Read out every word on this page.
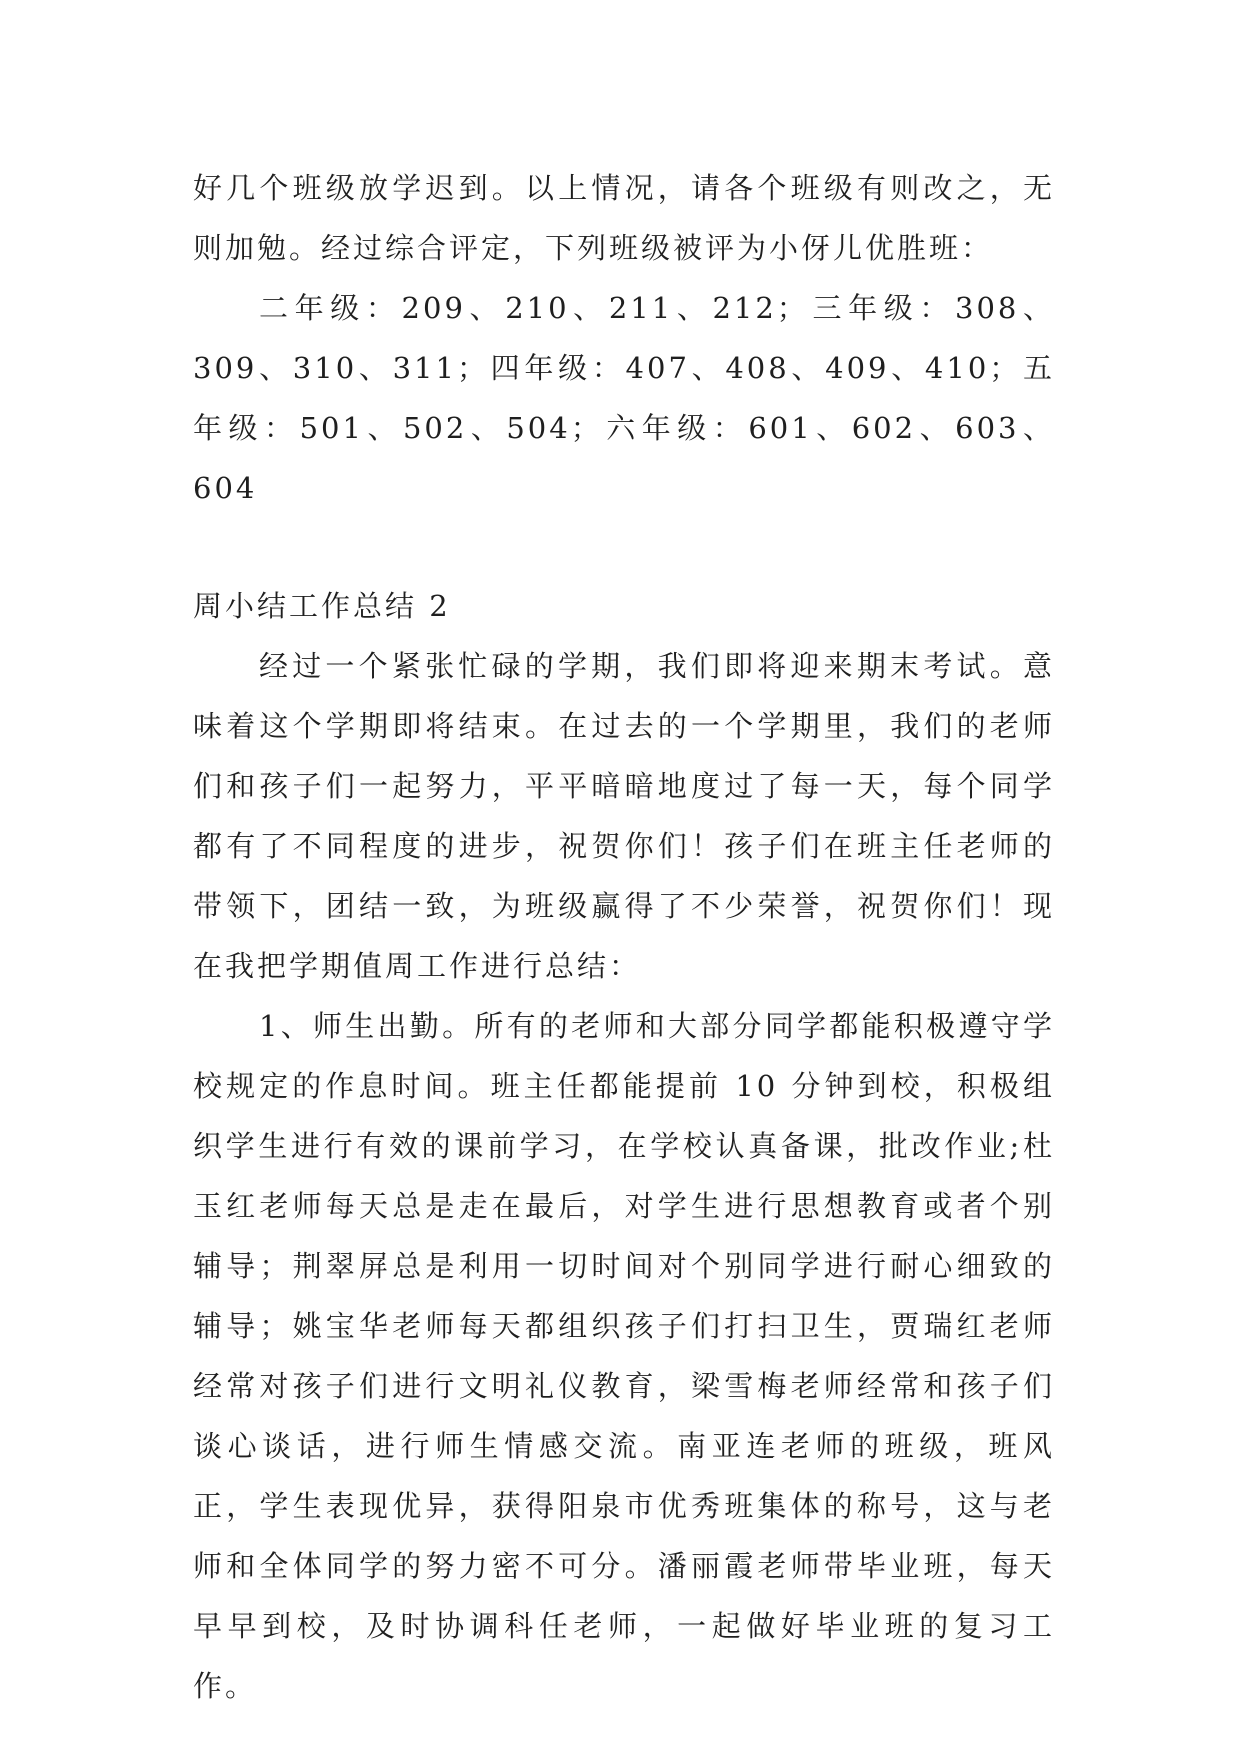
好几个班级放学迟到。以上情况，请各个班级有则改之，无则加勉。经过综合评定，下列班级被评为小伢儿优胜班：

二年级：209、210、211、212；三年级：308、309、310、311；四年级：407、408、409、410；五年级：501、502、504；六年级：601、602、603、604

周小结工作总结 2

经过一个紧张忙碌的学期，我们即将迎来期末考试。意味着这个学期即将结束。在过去的一个学期里，我们的老师们和孩子们一起努力，平平暗暗地度过了每一天，每个同学都有了不同程度的进步，祝贺你们！孩子们在班主任老师的带领下，团结一致，为班级赢得了不少荣誉，祝贺你们！现在我把学期值周工作进行总结：

1、师生出勤。所有的老师和大部分同学都能积极遵守学校规定的作息时间。班主任都能提前 10 分钟到校，积极组织学生进行有效的课前学习，在学校认真备课，批改作业;杜玉红老师每天总是走在最后，对学生进行思想教育或者个别辅导；荆翠屏总是利用一切时间对个别同学进行耐心细致的辅导；姚宝华老师每天都组织孩子们打扫卫生，贾瑞红老师经常对孩子们进行文明礼仪教育，梁雪梅老师经常和孩子们谈心谈话，进行师生情感交流。南亚连老师的班级，班风正，学生表现优异，获得阳泉市优秀班集体的称号，这与老师和全体同学的努力密不可分。潘丽霞老师带毕业班，每天早早到校，及时协调科任老师，一起做好毕业班的复习工作。
